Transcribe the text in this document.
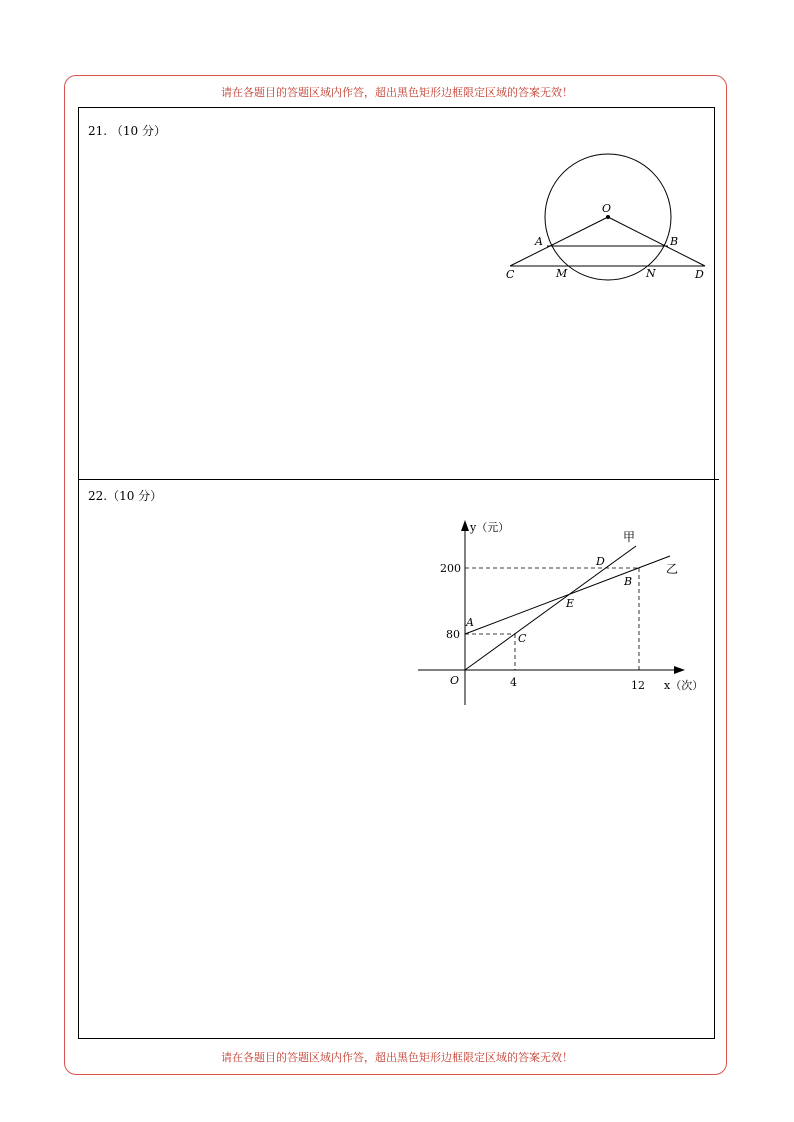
请在各题目的答题区域内作答，超出黑色矩形边框限定区域的答案无效！
21. （10 分）
22.（10 分）
O
A	B
C	D
M	N
y（元）
x（次）
O
200
80
4	12
甲
乙
A
B
C
D
E
请在各题目的答题区域内作答，超出黑色矩形边框限定区域的答案无效！
